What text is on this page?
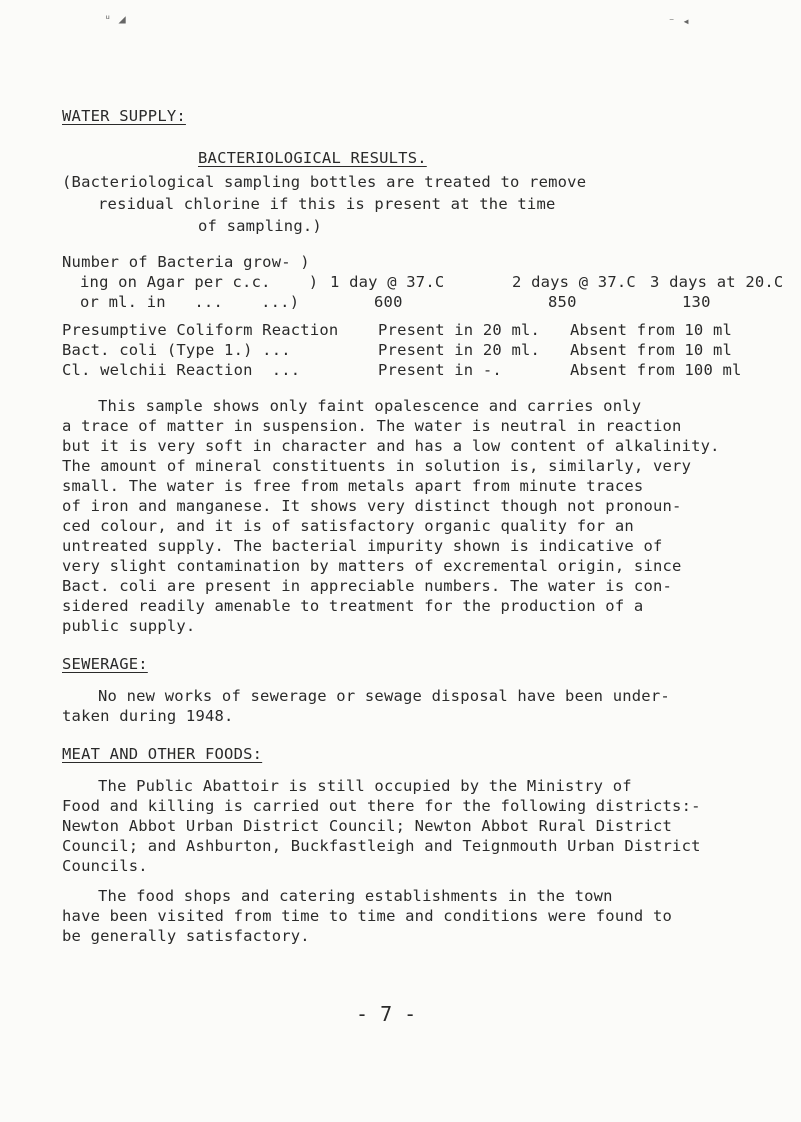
ᵘ ◢	⁻ ◂
WATER SUPPLY:
BACTERIOLOGICAL RESULTS.
(Bacteriological sampling bottles are treated to remove
residual chlorine if this is present at the time
of sampling.)
Number of Bacteria grow- )
ing on Agar per c.c.    )
or ml. in   ...    ...)
1 day @ 37.C	2 days @ 37.C 3 days at 20.C
600	850	130
Presumptive Coliform Reaction	Present in 20 ml. Absent from 10 ml
Bact. coli (Type 1.) ...	Present in 20 ml. Absent from 10 ml
Cl. welchii Reaction  ...	Present in -.	Absent from 100 ml
This sample shows only faint opalescence and carries only
a trace of matter in suspension. The water is neutral in reaction
but it is very soft in character and has a low content of alkalinity.
The amount of mineral constituents in solution is, similarly, very
small. The water is free from metals apart from minute traces
of iron and manganese. It shows very distinct though not pronoun-
ced colour, and it is of satisfactory organic quality for an
untreated supply. The bacterial impurity shown is indicative of
very slight contamination by matters of excremental origin, since
Bact. coli are present in appreciable numbers. The water is con-
sidered readily amenable to treatment for the production of a
public supply.
SEWERAGE:
No new works of sewerage or sewage disposal have been under-
taken during 1948.
MEAT AND OTHER FOODS:
The Public Abattoir is still occupied by the Ministry of
Food and killing is carried out there for the following districts:-
Newton Abbot Urban District Council; Newton Abbot Rural District
Council; and Ashburton, Buckfastleigh and Teignmouth Urban District
Councils.
The food shops and catering establishments in the town
have been visited from time to time and conditions were found to
be generally satisfactory.
- 7 -
